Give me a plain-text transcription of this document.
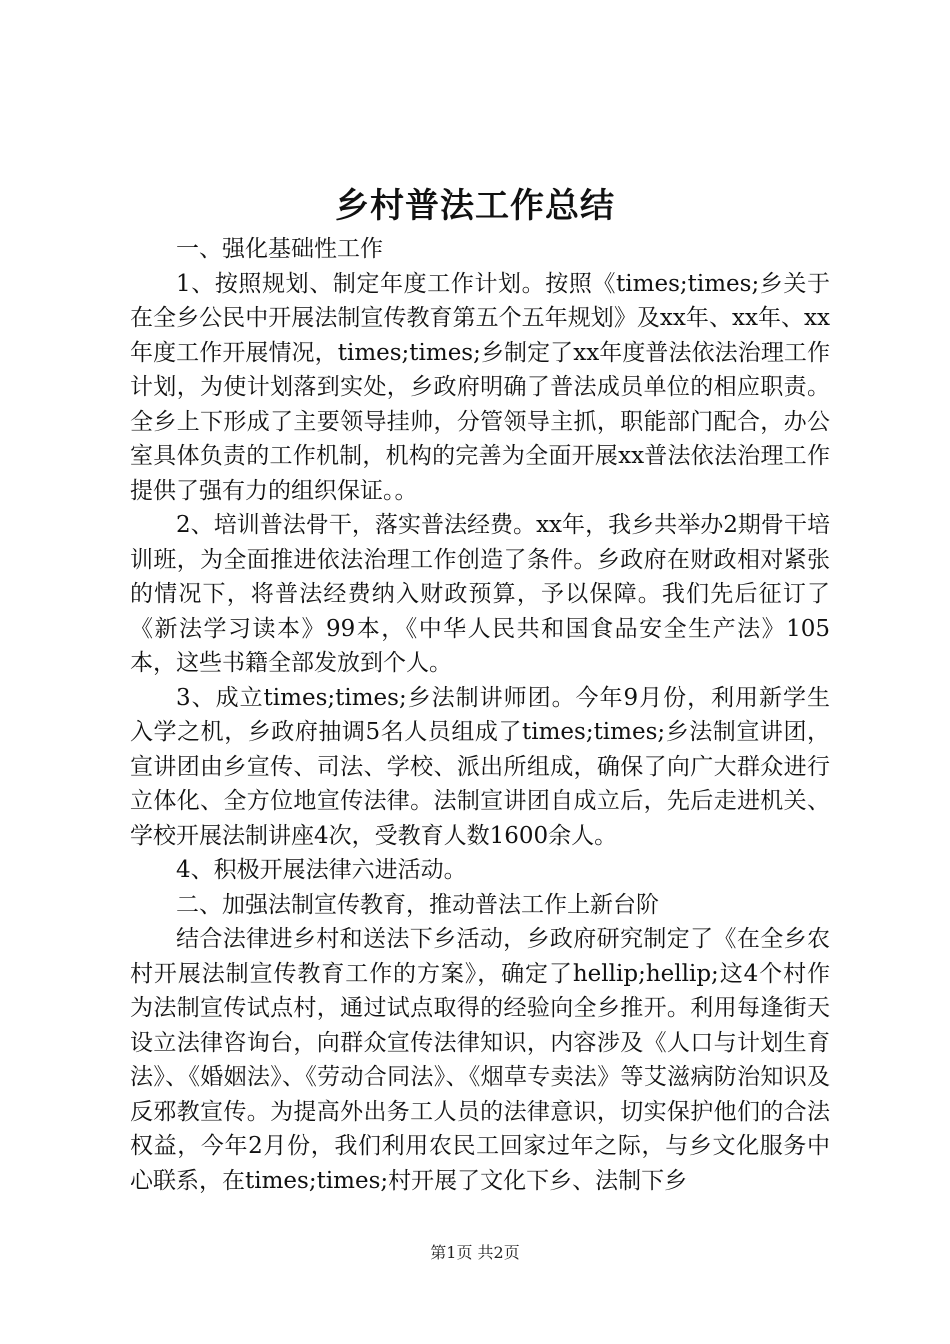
乡村普法工作总结

一、强化基础性工作

1、按照规划、制定年度工作计划。按照《times;times;乡关于在全乡公民中开展法制宣传教育第五个五年规划》及xx年、xx年、xx年度工作开展情况，times;times;乡制定了xx年度普法依法治理工作计划，为使计划落到实处，乡政府明确了普法成员单位的相应职责。全乡上下形成了主要领导挂帅，分管领导主抓，职能部门配合，办公室具体负责的工作机制，机构的完善为全面开展xx普法依法治理工作提供了强有力的组织保证。。

2、培训普法骨干，落实普法经费。xx年，我乡共举办2期骨干培训班，为全面推进依法治理工作创造了条件。乡政府在财政相对紧张的情况下，将普法经费纳入财政预算，予以保障。我们先后征订了《新法学习读本》99本，《中华人民共和国食品安全生产法》105本，这些书籍全部发放到个人。

3、成立times;times;乡法制讲师团。今年9月份，利用新学生入学之机，乡政府抽调5名人员组成了times;times;乡法制宣讲团，宣讲团由乡宣传、司法、学校、派出所组成，确保了向广大群众进行立体化、全方位地宣传法律。法制宣讲团自成立后，先后走进机关、学校开展法制讲座4次，受教育人数1600余人。

4、积极开展法律六进活动。

二、加强法制宣传教育，推动普法工作上新台阶

结合法律进乡村和送法下乡活动，乡政府研究制定了《在全乡农村开展法制宣传教育工作的方案》，确定了hellip;hellip;这4个村作为法制宣传试点村，通过试点取得的经验向全乡推开。利用每逢街天设立法律咨询台，向群众宣传法律知识，内容涉及《人口与计划生育法》、《婚姻法》、《劳动合同法》、《烟草专卖法》等艾滋病防治知识及反邪教宣传。为提高外出务工人员的法律意识，切实保护他们的合法权益，今年2月份，我们利用农民工回家过年之际，与乡文化服务中心联系，在times;times;村开展了文化下乡、法制下乡

第1页 共2页
